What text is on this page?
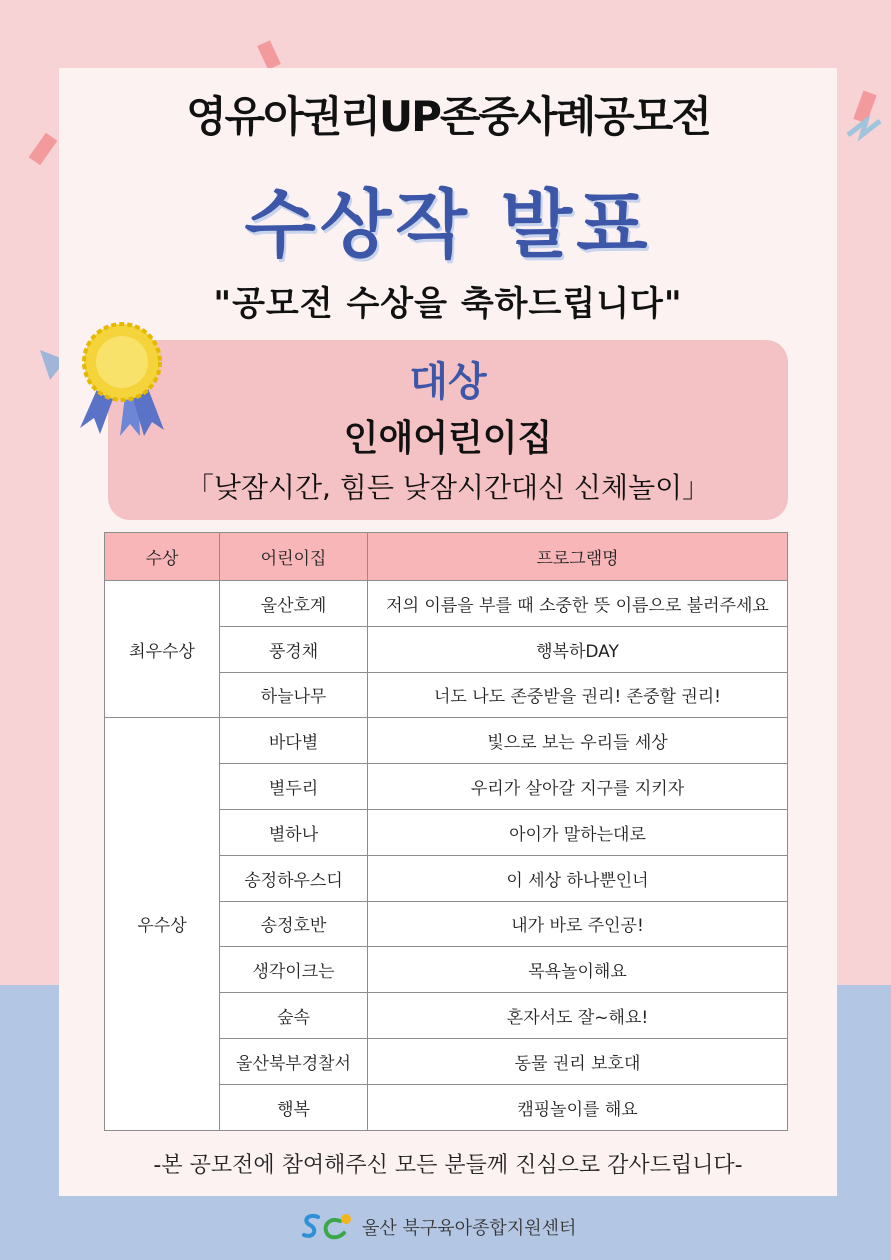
영유아권리UP존중사례공모전
수상작 발표
"공모전 수상을 축하드립니다"
대상
인애어린이집
「낮잠시간, 힘든 낮잠시간대신 신체놀이」
수상	어린이집	프로그램명
최우수상	울산호계	저의 이름을 부를 때 소중한 뜻 이름으로 불러주세요
	풍경채	행복하DAY
	하늘나무	너도 나도 존중받을 권리! 존중할 권리!
우수상	바다별	빛으로 보는 우리들 세상
	별두리	우리가 살아갈 지구를 지키자
	별하나	아이가 말하는대로
	송정하우스디	이 세상 하나뿐인너
	송정호반	내가 바로 주인공!
	생각이크는	목욕놀이해요
	숲속	혼자서도 잘~해요!
	울산북부경찰서	동물 권리 보호대
	행복	캠핑놀이를 해요
-본 공모전에 참여해주신 모든 분들께 진심으로 감사드립니다-
울산 북구육아종합지원센터
